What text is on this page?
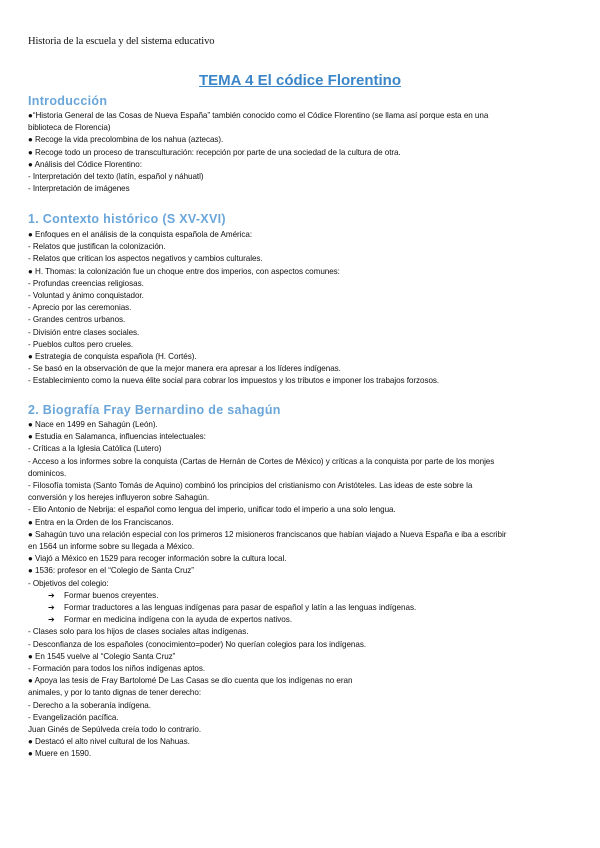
Historia de la escuela y del sistema educativo
TEMA 4 El códice Florentino
Introducción
●“Historia General de las Cosas de Nueva España” también conocido como el Códice Florentino (se llama así porque esta en una
biblioteca de Florencia)
● Recoge la vida precolombina de los nahua (aztecas).
● Recoge todo un proceso de transculturación: recepción por parte de una sociedad de la cultura de otra.
● Análisis del Códice Florentino:
- Interpretación del texto (latín, español y náhuatl)
- Interpretación de imágenes
1. Contexto histórico (S XV-XVI)
● Enfoques en el análisis de la conquista española de América:
- Relatos que justifican la colonización.
- Relatos que critican los aspectos negativos y cambios culturales.
● H. Thomas: la colonización fue un choque entre dos imperios, con aspectos comunes:
- Profundas creencias religiosas.
- Voluntad y ánimo conquistador.
- Aprecio por las ceremonias.
- Grandes centros urbanos.
- División entre clases sociales.
- Pueblos cultos pero crueles.
● Estrategia de conquista española (H. Cortés).
- Se basó en la observación de que la mejor manera era apresar a los líderes indígenas.
- Establecimiento como la nueva élite social para cobrar los impuestos y los tributos e imponer los trabajos forzosos.
2. Biografía Fray Bernardino de sahagún
● Nace en 1499 en Sahagún (León).
● Estudia en Salamanca, influencias intelectuales:
- Críticas a la Iglesia Católica (Lutero)
- Acceso a los informes sobre la conquista (Cartas de Hernán de Cortes de México) y críticas a la conquista por parte de los monjes
dominicos.
- Filosofía tomista (Santo Tomás de Aquino) combinó los principios del cristianismo con Aristóteles. Las ideas de este sobre la
conversión y los herejes influyeron sobre Sahagún.
- Elio Antonio de Nebrija: el español como lengua del imperio, unificar todo el imperio a una solo lengua.
● Entra en la Orden de los Franciscanos.
● Sahagún tuvo una relación especial con los primeros 12 misioneros franciscanos que habían viajado a Nueva España e iba a escribir
en 1564 un informe sobre su llegada a México.
● Viajó a México en 1529 para recoger información sobre la cultura local.
● 1536: profesor en el “Colegio de Santa Cruz”
- Objetivos del colegio:
➔ Formar buenos creyentes.
➔ Formar traductores a las lenguas indígenas para pasar de español y latín a las lenguas indígenas.
➔ Formar en medicina indígena con la ayuda de expertos nativos.
- Clases solo para los hijos de clases sociales altas indígenas.
- Desconfianza de los españoles (conocimiento=poder) No querían colegios para los indígenas.
● En 1545 vuelve al “Colegio Santa Cruz”
- Formación para todos los niños indígenas aptos.
● Apoya las tesis de Fray Bartolomé De Las Casas se dio cuenta que los indígenas no eran
animales, y por lo tanto dignas de tener derecho:
- Derecho a la soberanía indígena.
- Evangelización pacífica.
Juan Ginés de Sepúlveda creía todo lo contrario.
● Destacó el alto nivel cultural de los Nahuas.
● Muere en 1590.
